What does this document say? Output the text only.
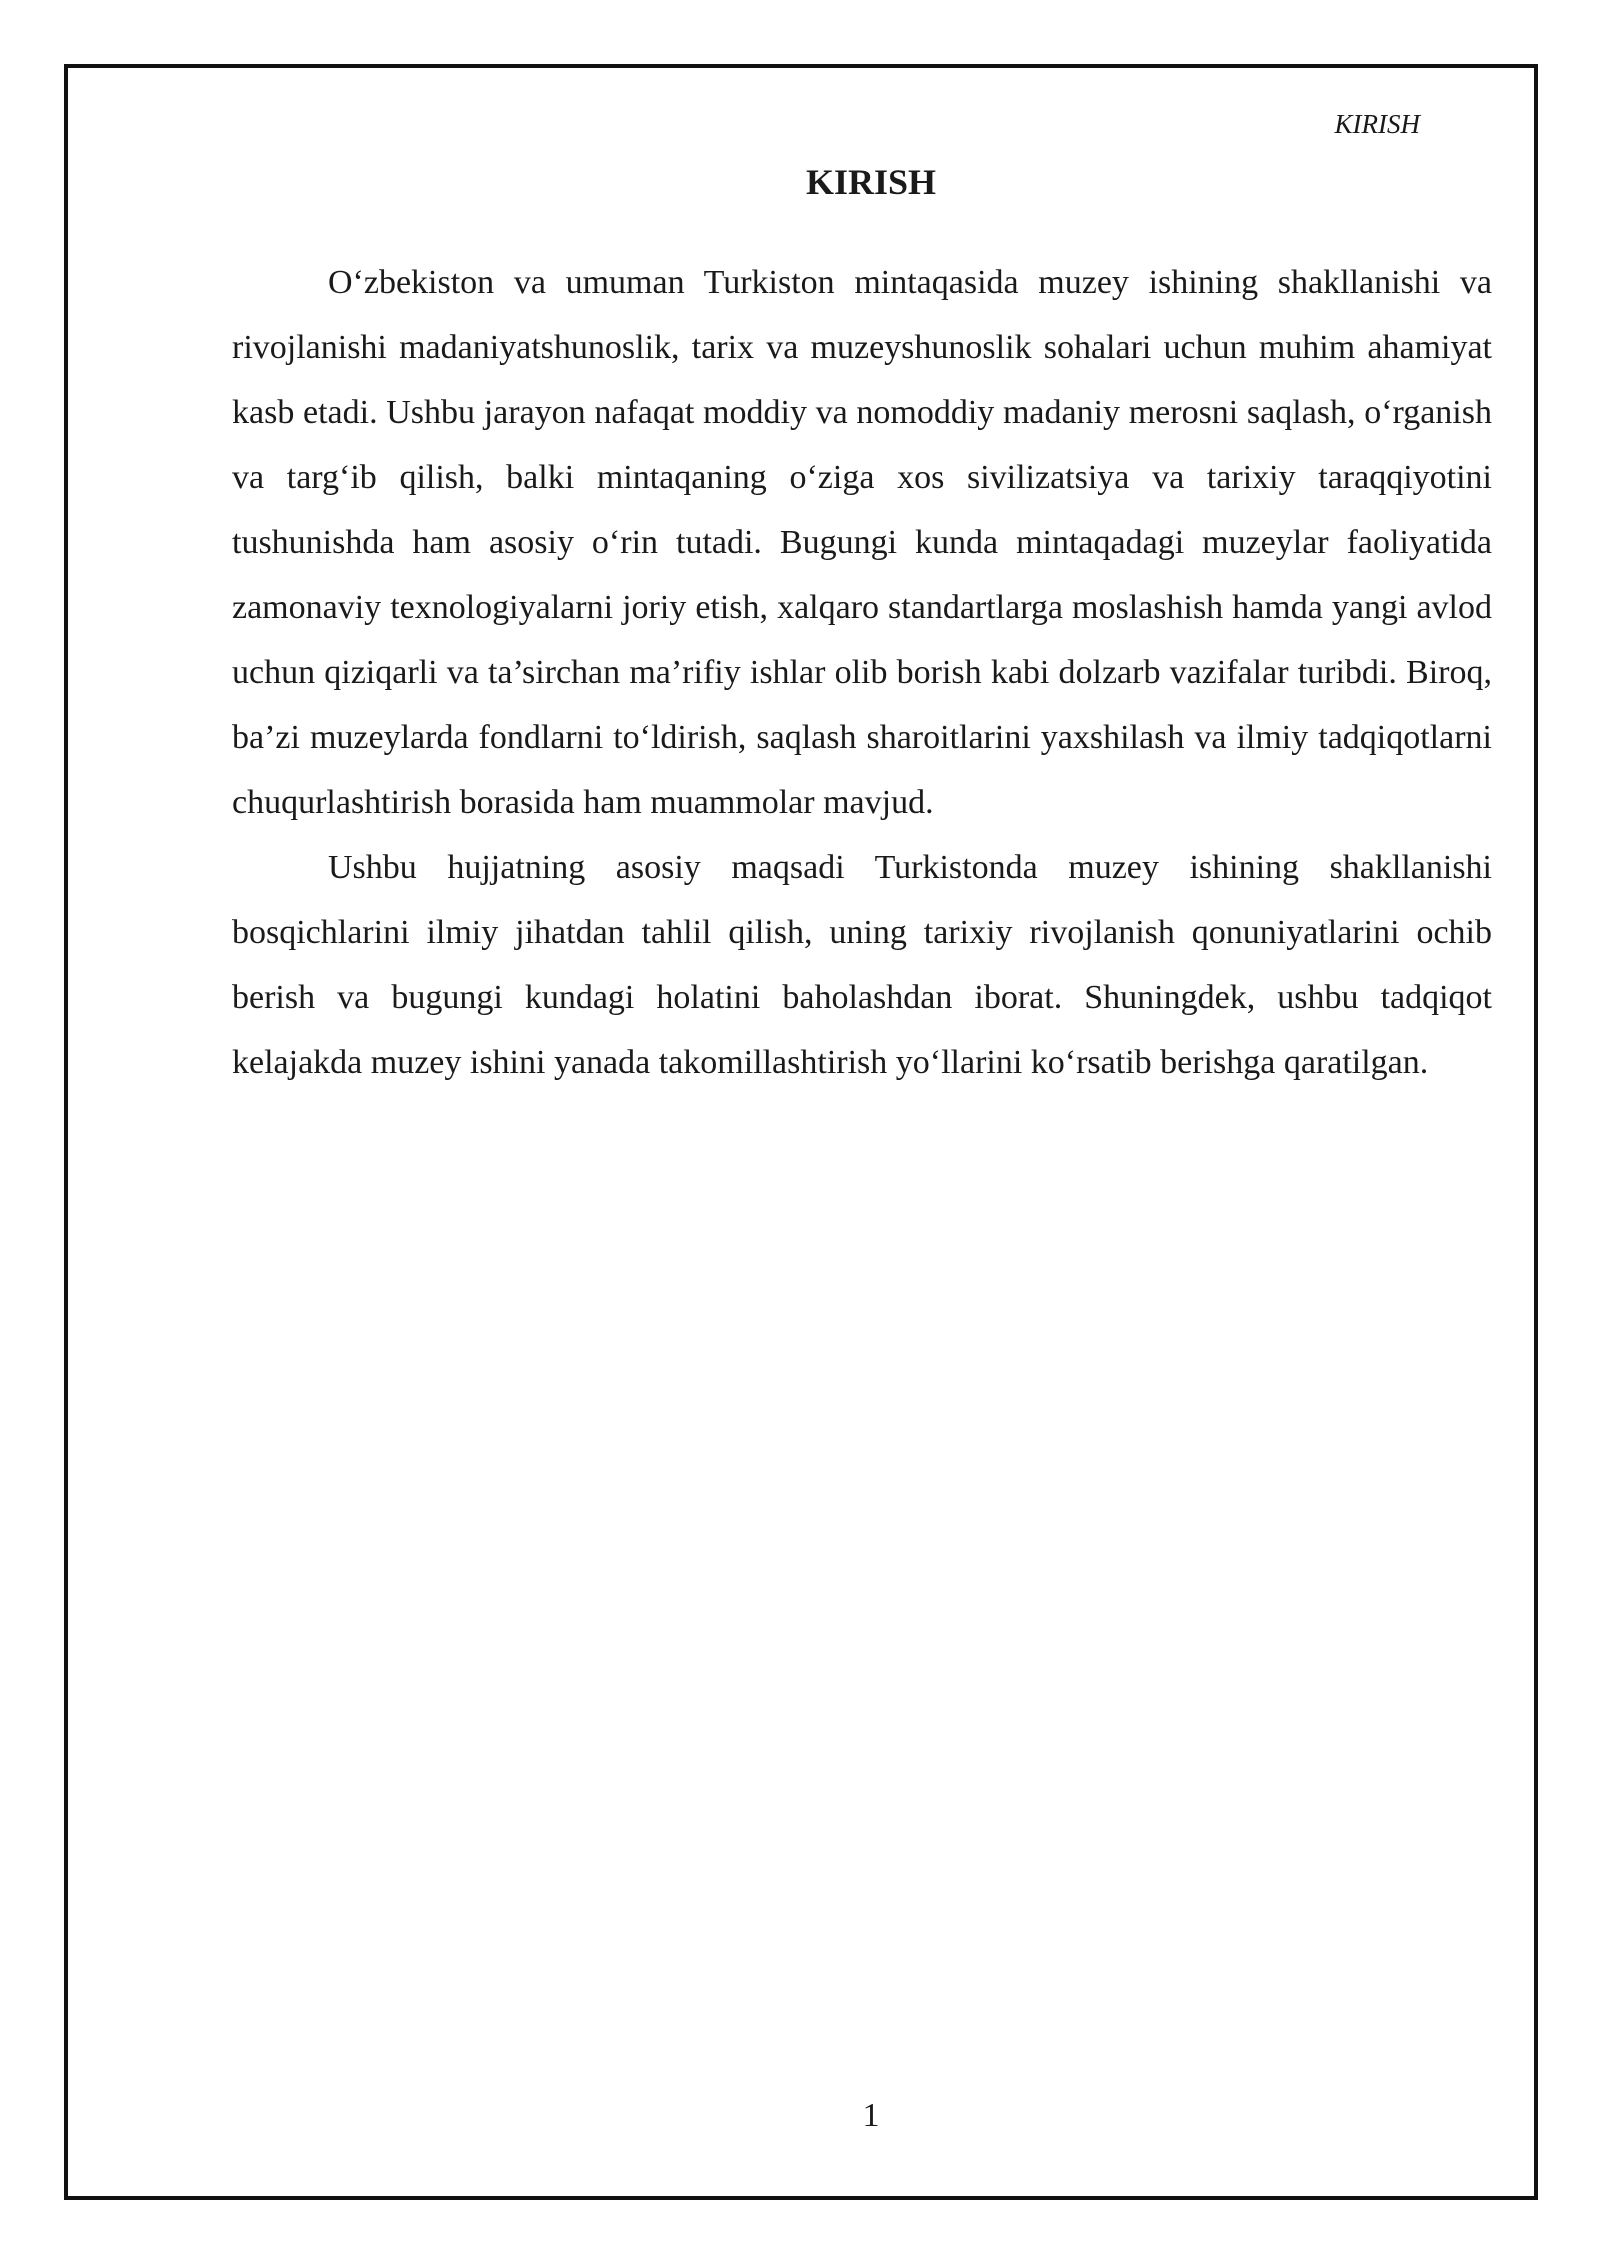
KIRISH
KIRISH

O‘zbekiston va umuman Turkiston mintaqasida muzey ishining shakllanishi va rivojlanishi madaniyatshunoslik, tarix va muzeyshunoslik sohalari uchun muhim ahamiyat kasb etadi. Ushbu jarayon nafaqat moddiy va nomoddiy madaniy merosni saqlash, o‘rganish va targ‘ib qilish, balki mintaqaning o‘ziga xos sivilizatsiya va tarixiy taraqqiyotini tushunishda ham asosiy o‘rin tutadi. Bugungi kunda mintaqadagi muzeylar faoliyatida zamonaviy texnologiyalarni joriy etish, xalqaro standartlarga moslashish hamda yangi avlod uchun qiziqarli va ta’sirchan ma’rifiy ishlar olib borish kabi dolzarb vazifalar turibdi. Biroq, ba’zi muzeylarda fondlarni to‘ldirish, saqlash sharoitlarini yaxshilash va ilmiy tadqiqotlarni chuqurlashtirish borasida ham muammolar mavjud.

Ushbu hujjatning asosiy maqsadi Turkistonda muzey ishining shakllanishi bosqichlarini ilmiy jihatdan tahlil qilish, uning tarixiy rivojlanish qonuniyatlarini ochib berish va bugungi kundagi holatini baholashdan iborat. Shuningdek, ushbu tadqiqot kelajakda muzey ishini yanada takomillashtirish yo‘llarini ko‘rsatib berishga qaratilgan.

1
